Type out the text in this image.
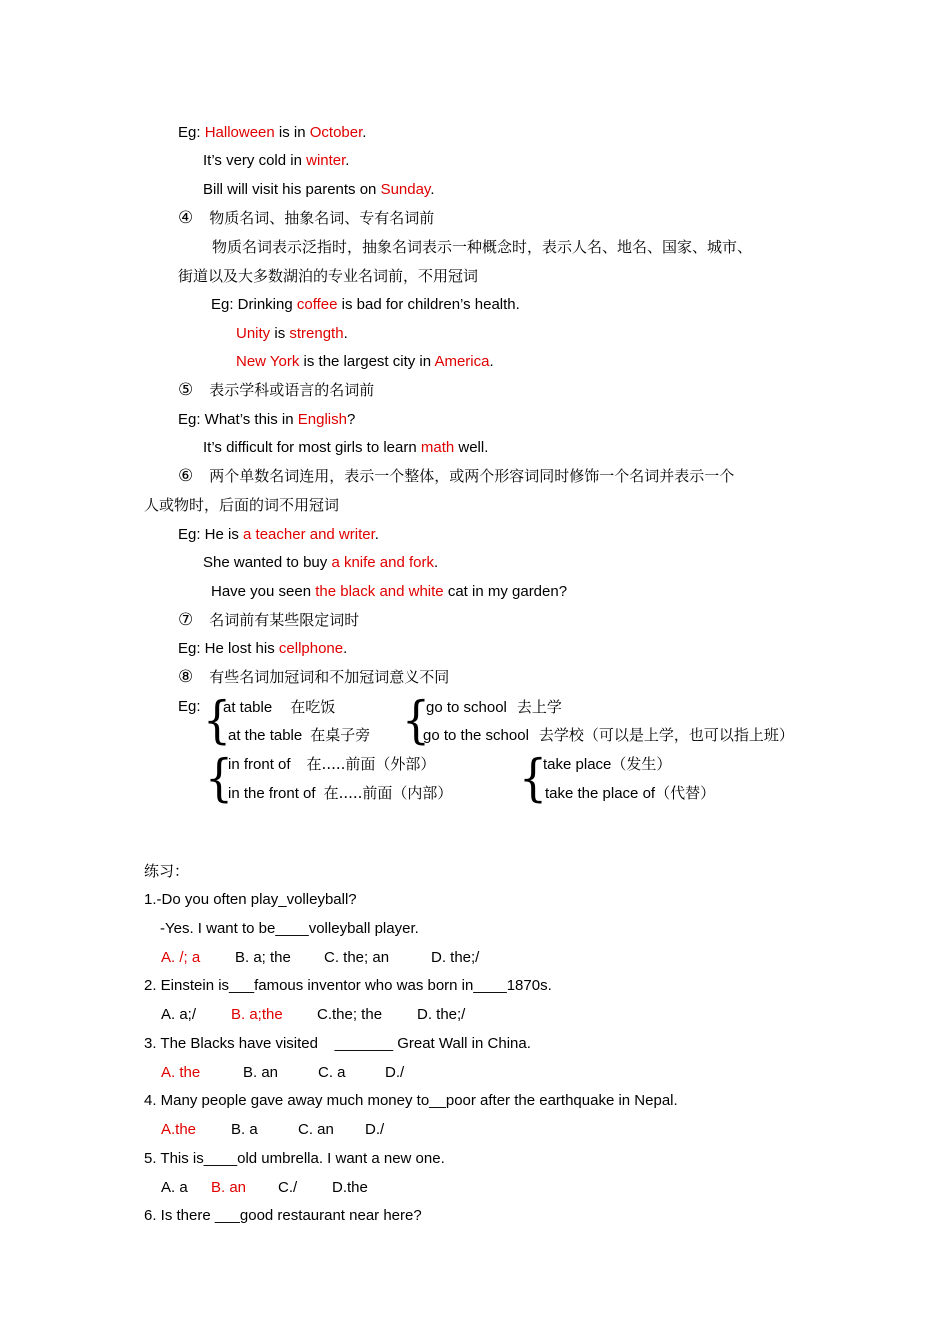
Eg: Halloween is in October.
It’s very cold in winter.
Bill will visit his parents on Sunday.
④ 物质名词、抽象名词、专有名词前
物质名词表示泛指时，抽象名词表示一种概念时，表示人名、地名、国家、城市、
街道以及大多数湖泊的专业名词前，不用冠词
Eg: Drinking coffee is bad for children’s health.
Unity is strength.
New York is the largest city in America.
⑤ 表示学科或语言的名词前
Eg: What’s this in English?
It’s difficult for most girls to learn math well.
⑥ 两个单数名词连用，表示一个整体，或两个形容词同时修饰一个名词并表示一个
人或物时，后面的词不用冠词
Eg: He is a teacher and writer.
She wanted to buy a knife and fork.
Have you seen the black and white cat in my garden?
⑦ 名词前有某些限定词时
Eg: He lost his cellphone.
⑧ 有些名词加冠词和不加冠词意义不同
Eg: {
at table 在吃饭
at the table 在桌子旁 {
go to school 去上学
go to the school 去学校（可以是上学，也可以指上班）
{
in front of 在.....前面（外部）
in the front of 在.....前面（内部） {
take place（发生）
take the place of（代替）
练习：
1.-Do you often play_volleyball?
-Yes. I want to be____volleyball player.
A. /; a B. a; the C. the; an	D. the;/
2. Einstein is___famous inventor who was born in____1870s.
A. a;/ B. a;the C.the; the D. the;/
3. The Blacks have visited    _______ Great Wall in China.
A. the	B. an	C. a	D./
4. Many people gave away much money to__poor after the earthquake in Nepal.
A.the B. a	C. an D./
5. This is____old umbrella. I want a new one.
A. a B. an C./ D.the
6. Is there ___good restaurant near here?
